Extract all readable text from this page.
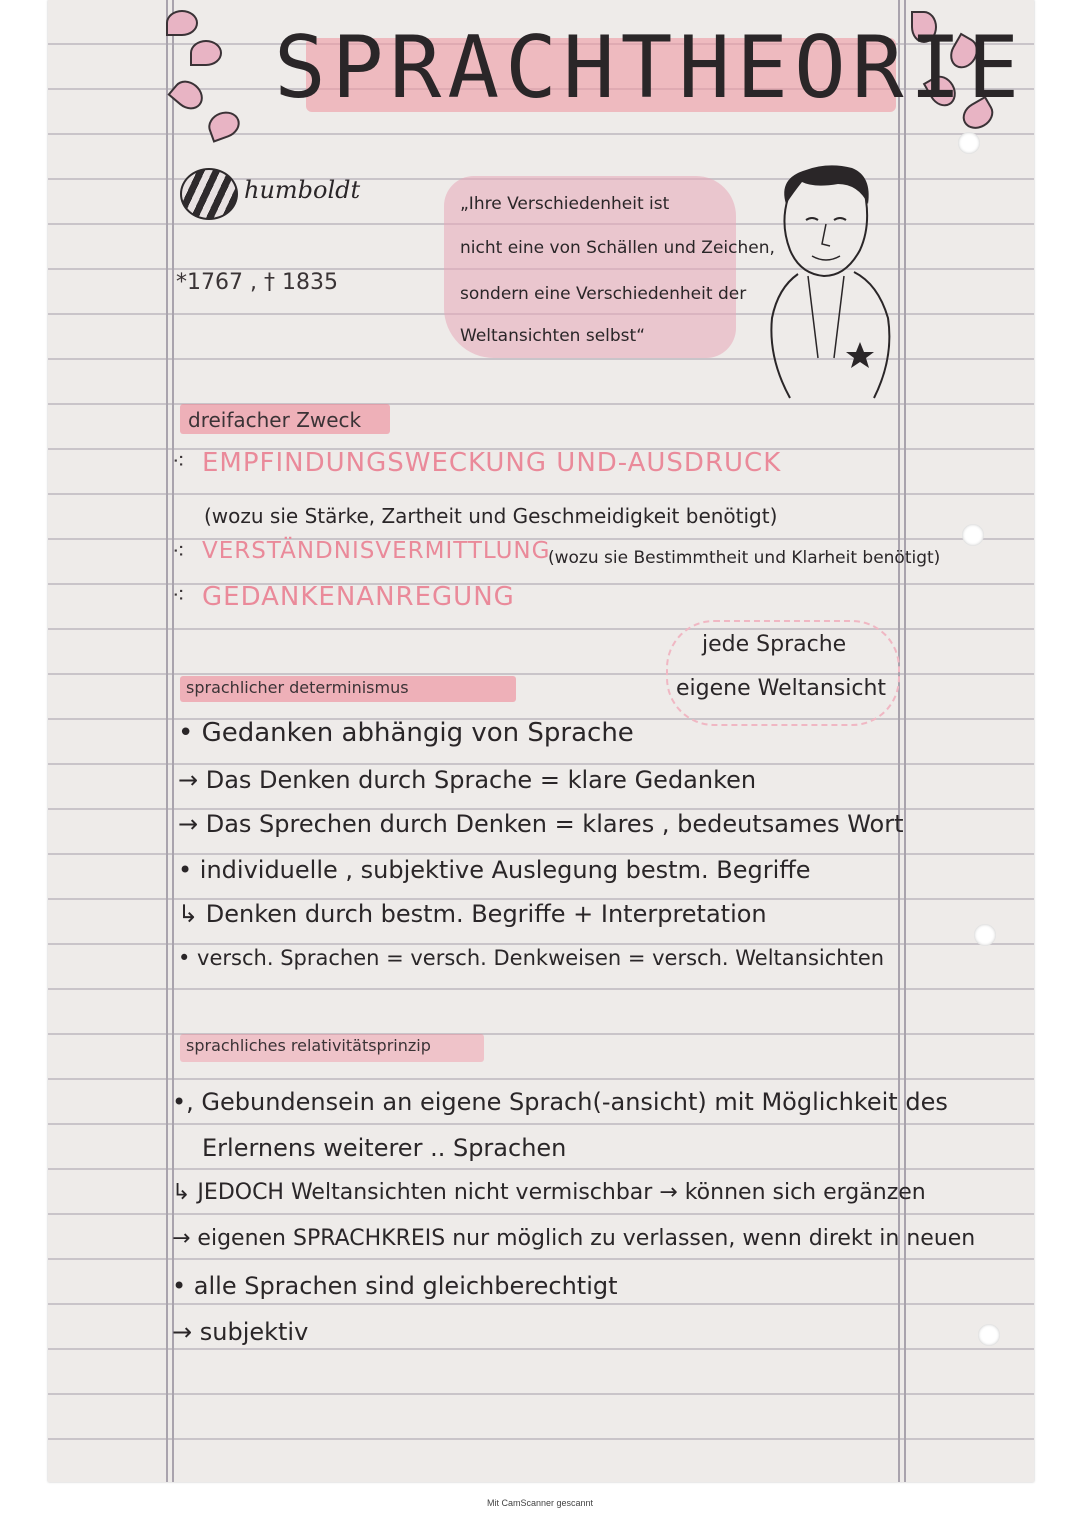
SPRACHTHEORIE
humboldt
*1767 , † 1835
„Ihre Verschiedenheit ist
nicht eine von Schällen und Zeichen,
sondern eine Verschiedenheit der
Weltansichten selbst“
dreifacher Zweck
⁖ EMPFINDUNGSWECKUNG UND-AUSDRUCK
(wozu sie Stärke, Zartheit und Geschmeidigkeit benötigt)
⁖ VERSTÄNDNISVERMITTLUNG
(wozu sie Bestimmtheit und Klarheit benötigt)
⁖ GEDANKENANREGUNG
jede Sprache
eigene Weltansicht
sprachlicher determinismus
• Gedanken abhängig von Sprache
→ Das Denken durch Sprache = klare Gedanken
→ Das Sprechen durch Denken = klares , bedeutsames Wort
• individuelle , subjektive Auslegung bestm. Begriffe
↳ Denken durch bestm. Begriffe + Interpretation
• versch. Sprachen = versch. Denkweisen = versch. Weltansichten
sprachliches relativitätsprinzip
•, Gebundensein an eigene Sprach(-ansicht) mit Möglichkeit des
Erlernens weiterer .. Sprachen
↳ JEDOCH Weltansichten nicht vermischbar → können sich ergänzen
→ eigenen SPRACHKREIS nur möglich zu verlassen, wenn direkt in neuen
• alle Sprachen sind gleichberechtigt
→ subjektiv
Mit CamScanner gescannt
